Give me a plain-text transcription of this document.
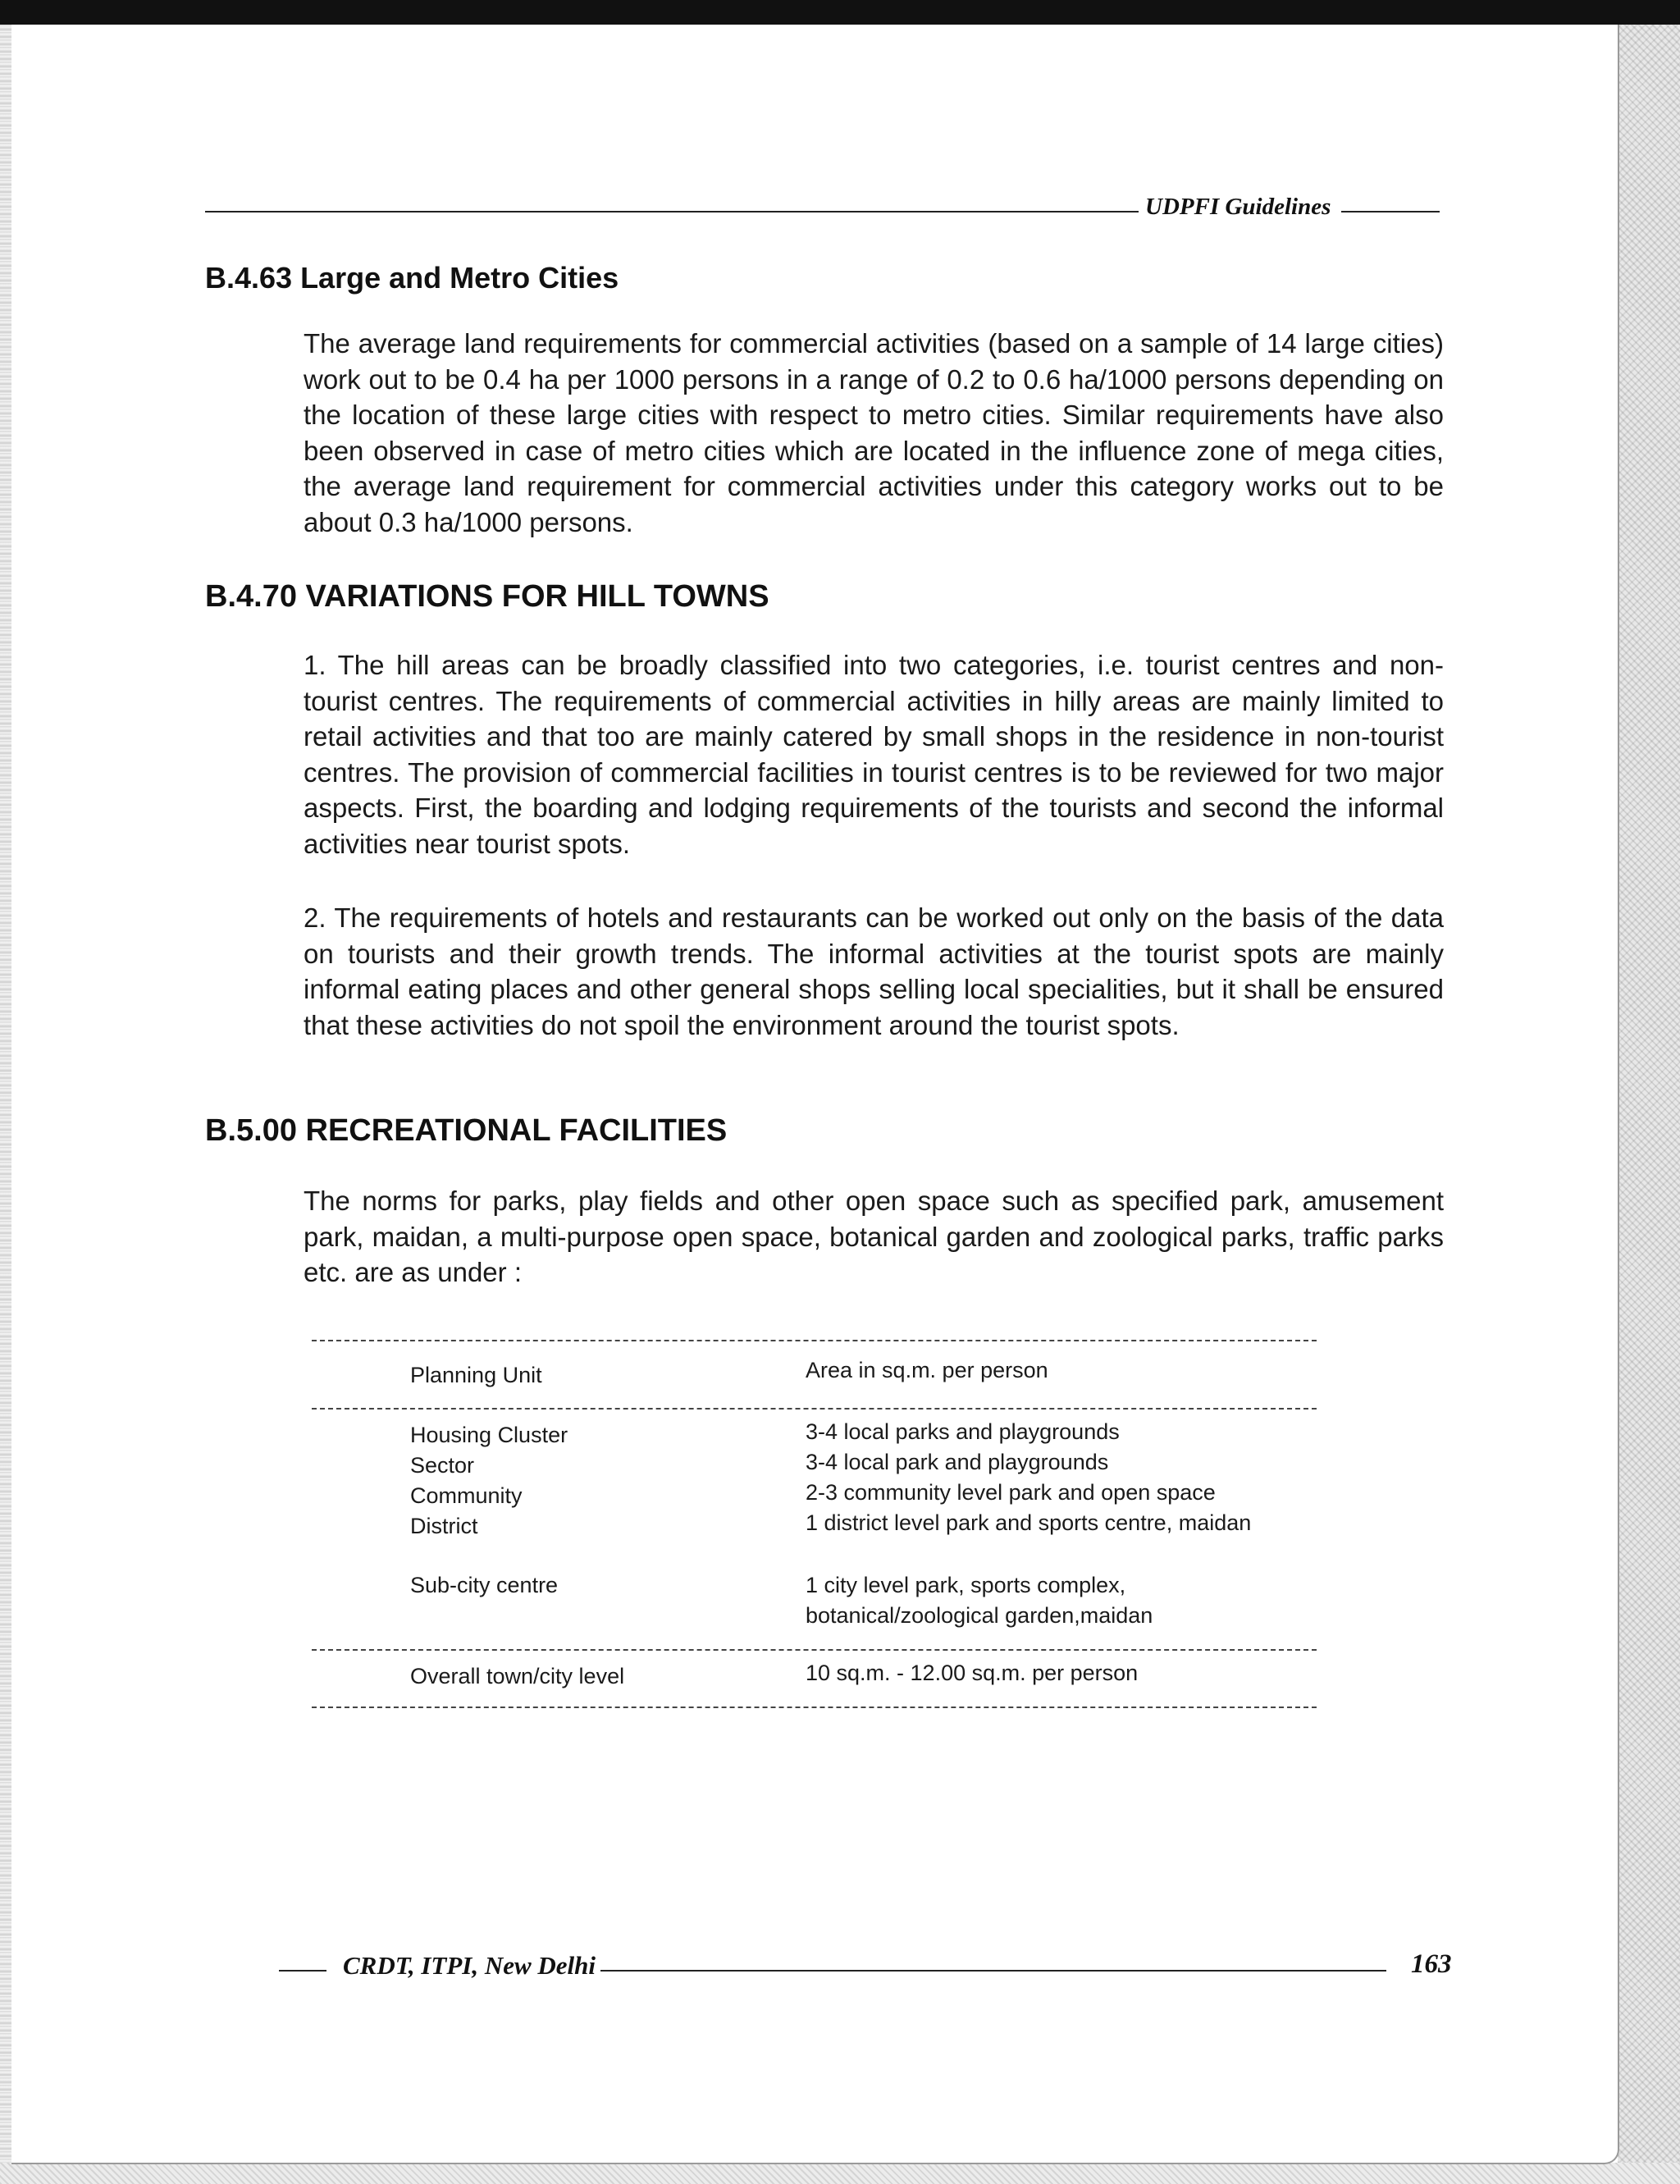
UDPFI Guidelines
B.4.63 Large and Metro Cities

The average land requirements for commercial activities (based on a sample of 14 large cities) work out to be 0.4 ha per 1000 persons in a range of 0.2 to 0.6 ha/1000 persons depending on the location of these large cities with respect to metro cities. Similar requirements have also been observed in case of metro cities which are located in the influence zone of mega cities, the average land requirement for commercial activities under this category works out to be about 0.3 ha/1000 persons.

B.4.70 VARIATIONS FOR HILL TOWNS

1. The hill areas can be broadly classified into two categories, i.e. tourist centres and non-tourist centres. The requirements of commercial activities in hilly areas are mainly limited to retail activities and that too are mainly catered by small shops in the residence in non-tourist centres. The provision of commercial facilities in tourist centres is to be reviewed for two major aspects. First, the boarding and lodging requirements of the tourists and second the informal activities near tourist spots.

2. The requirements of hotels and restaurants can be worked out only on the basis of the data on tourists and their growth trends. The informal activities at the tourist spots are mainly informal eating places and other general shops selling local specialities, but it shall be ensured that these activities do not spoil the environment around the tourist spots.

B.5.00 RECREATIONAL FACILITIES

The norms for parks, play fields and other open space such as specified park, amusement park, maidan, a multi-purpose open space, botanical garden and zoological parks, traffic parks etc. are as under :

Planning Unit	Area in sq.m. per person
Housing Cluster	3-4 local parks and playgrounds
Sector	3-4 local park and playgrounds
Community	2-3 community level park and open space
District	1 district level park and sports centre, maidan
Sub-city centre	1 city level park, sports complex,
botanical/zoological garden,maidan
Overall town/city level	10 sq.m. - 12.00 sq.m. per person
CRDT, ITPI, New Delhi	163
